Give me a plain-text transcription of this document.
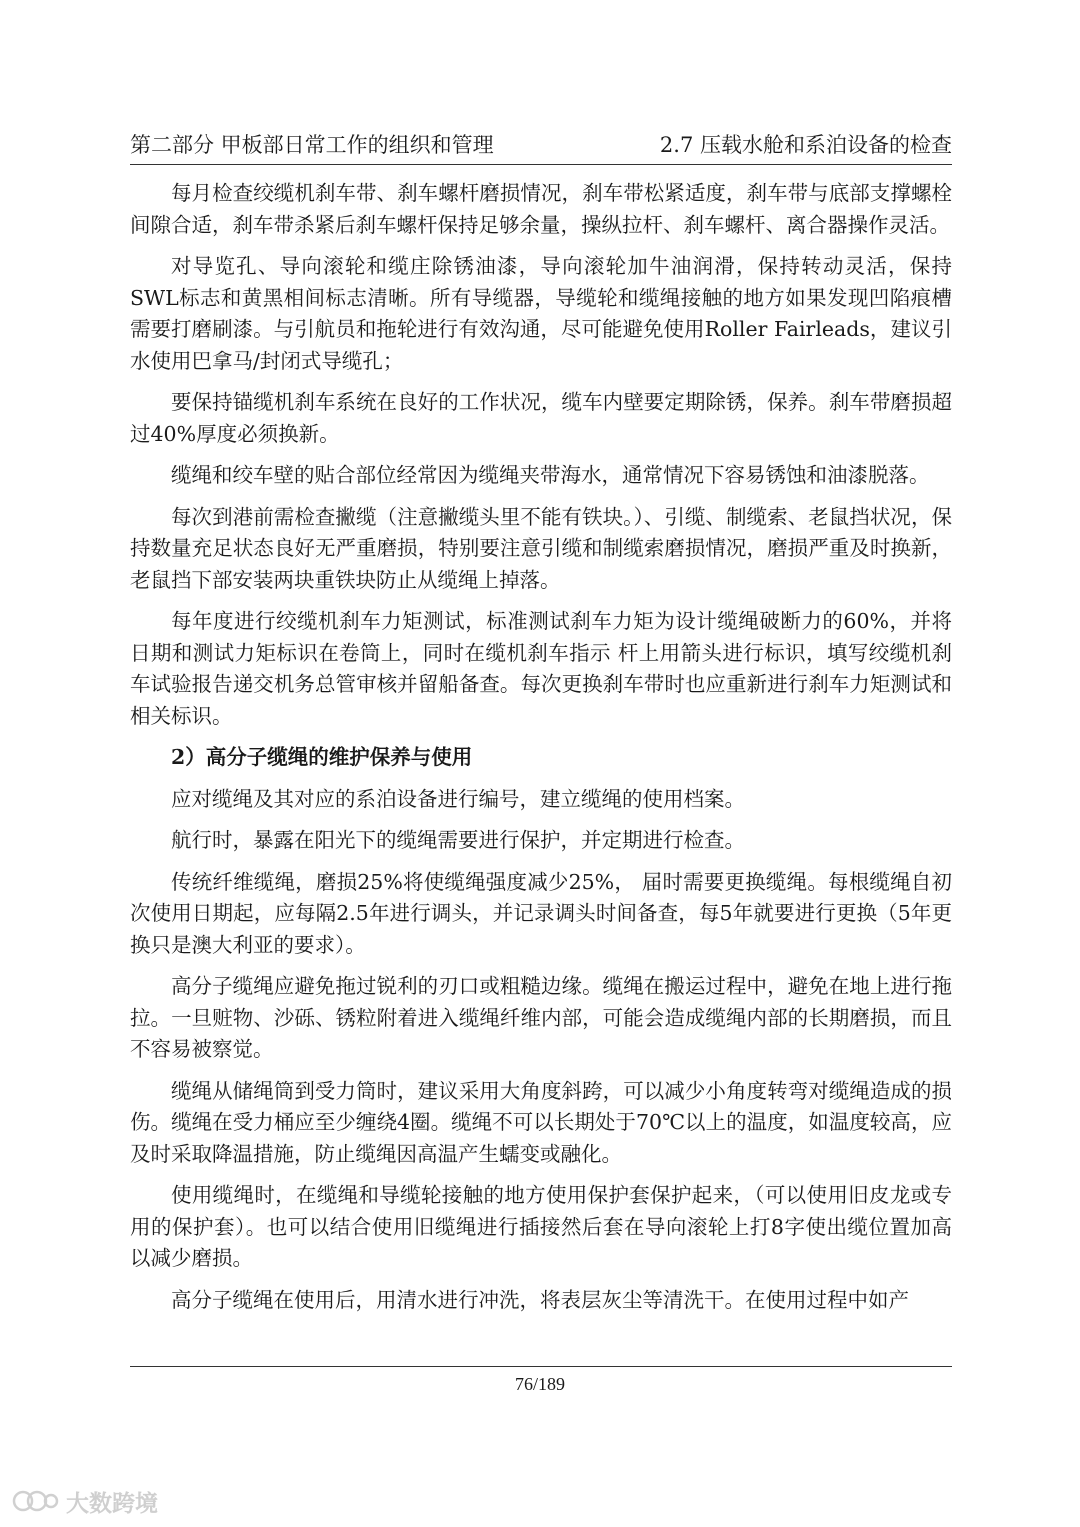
第二部分 甲板部日常工作的组织和管理	2.7 压载水舱和系泊设备的检查

每月检查绞缆机刹车带、刹车螺杆磨损情况，刹车带松紧适度，刹车带与底部支撑螺栓间隙合适，刹车带杀紧后刹车螺杆保持足够余量，操纵拉杆、刹车螺杆、离合器操作灵活。

对导览孔、导向滚轮和缆庄除锈油漆，导向滚轮加牛油润滑，保持转动灵活，保持SWL标志和黄黑相间标志清晰。所有导缆器，导缆轮和缆绳接触的地方如果发现凹陷痕槽需要打磨刷漆。与引航员和拖轮进行有效沟通，尽可能避免使用Roller Fairleads，建议引水使用巴拿马/封闭式导缆孔；

要保持锚缆机刹车系统在良好的工作状况，缆车内壁要定期除锈，保养。刹车带磨损超过40%厚度必须换新。

缆绳和绞车壁的贴合部位经常因为缆绳夹带海水，通常情况下容易锈蚀和油漆脱落。

每次到港前需检查撇缆（注意撇缆头里不能有铁块。）、引缆、制缆索、老鼠挡状况，保持数量充足状态良好无严重磨损，特别要注意引缆和制缆索磨损情况，磨损严重及时换新，老鼠挡下部安装两块重铁块防止从缆绳上掉落。

每年度进行绞缆机刹车力矩测试，标准测试刹车力矩为设计缆绳破断力的60%，并将日期和测试力矩标识在卷筒上，同时在缆机刹车指示 杆上用箭头进行标识，填写绞缆机刹车试验报告递交机务总管审核并留船备查。每次更换刹车带时也应重新进行刹车力矩测试和相关标识。

2）高分子缆绳的维护保养与使用

应对缆绳及其对应的系泊设备进行编号，建立缆绳的使用档案。

航行时，暴露在阳光下的缆绳需要进行保护，并定期进行检查。

传统纤维缆绳，磨损25%将使缆绳强度减少25%， 届时需要更换缆绳。每根缆绳自初次使用日期起，应每隔2.5年进行调头，并记录调头时间备查，每5年就要进行更换（5年更换只是澳大利亚的要求）。

高分子缆绳应避免拖过锐利的刃口或粗糙边缘。缆绳在搬运过程中，避免在地上进行拖拉。一旦赃物、沙砾、锈粒附着进入缆绳纤维内部，可能会造成缆绳内部的长期磨损，而且不容易被察觉。

缆绳从储绳筒到受力筒时，建议采用大角度斜跨，可以减少小角度转弯对缆绳造成的损伤。缆绳在受力桶应至少缠绕4圈。缆绳不可以长期处于70℃以上的温度，如温度较高，应及时采取降温措施，防止缆绳因高温产生蠕变或融化。

使用缆绳时，在缆绳和导缆轮接触的地方使用保护套保护起来，（可以使用旧皮龙或专用的保护套）。也可以结合使用旧缆绳进行插接然后套在导向滚轮上打8字使出缆位置加高以减少磨损。

高分子缆绳在使用后，用清水进行冲洗，将表层灰尘等清洗干。在使用过程中如产

76/189
大数跨境
